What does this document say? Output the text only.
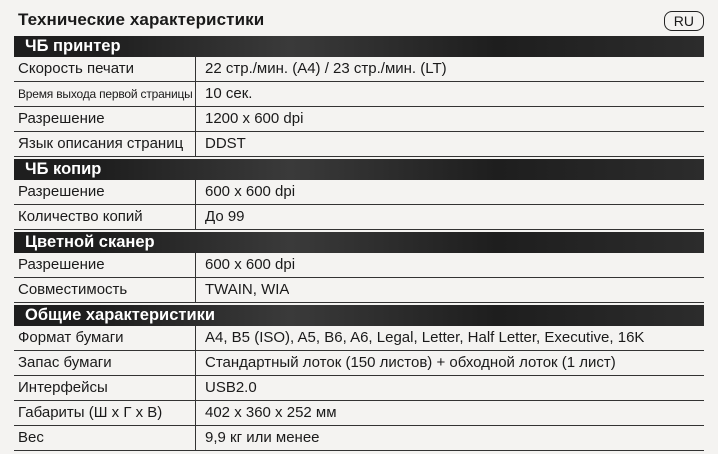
Технические характеристики	RU
ЧБ принтер
Скорость печати	22 стр./мин. (A4) / 23 стр./мин. (LT)
Время выхода первой страницы 10 сек.
Разрешение	1200 x 600 dpi
Язык описания страниц	DDST
ЧБ копир
Разрешение	600 x 600 dpi
Количество копий	До 99
Цветной сканер
Разрешение	600 x 600 dpi
Совместимость	TWAIN, WIA
Общие характеристики
Формат бумаги	A4, B5 (ISO), A5, B6, A6, Legal, Letter, Half Letter, Executive, 16K
Запас бумаги	Стандартный лоток (150 листов) + обходной лоток (1 лист)
Интерфейсы	USB2.0
Габариты (Ш х Г х В)	402 x 360 x 252 мм
Вес	9,9 кг или менее
